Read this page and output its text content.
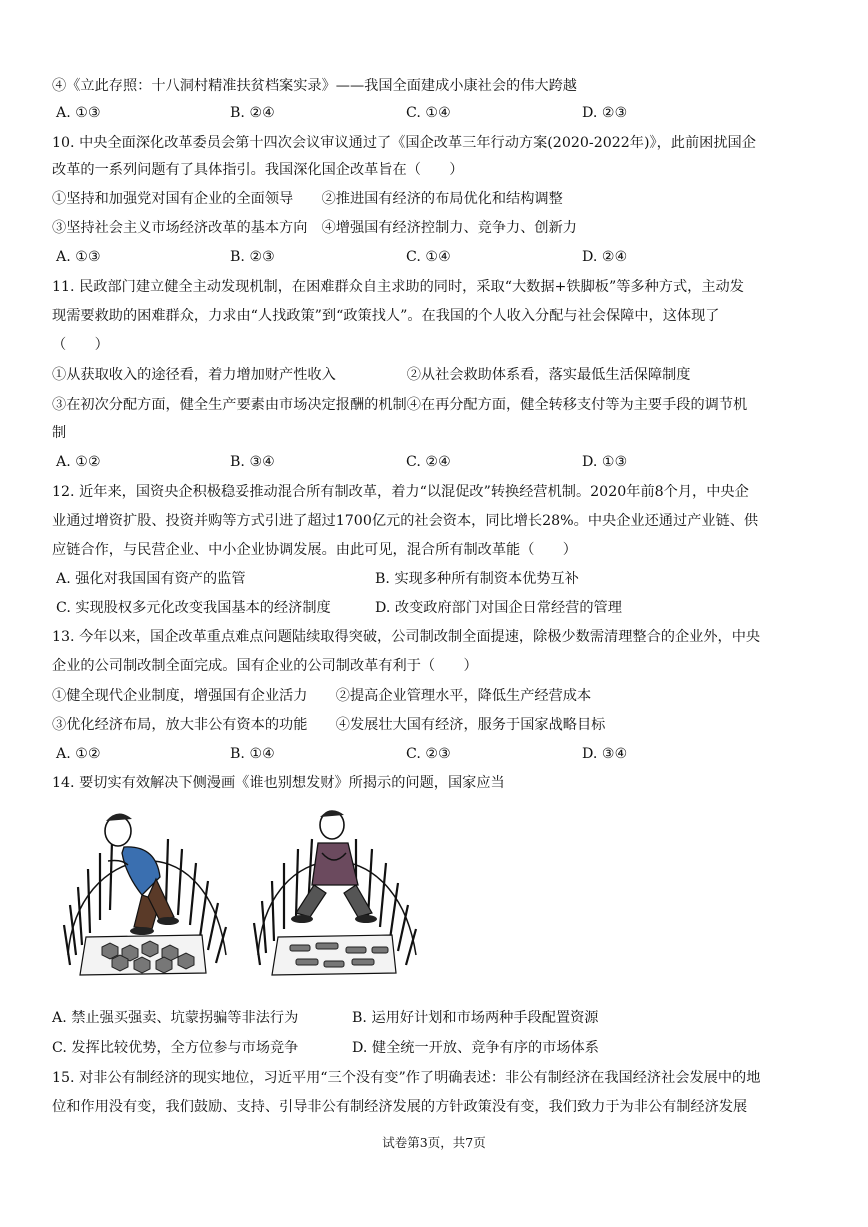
④《立此存照：十八洞村精准扶贫档案实录》——我国全面建成小康社会的伟大跨越
A. ①③	B. ②④	C. ①④	D. ②③
10. 中央全面深化改革委员会第十四次会议审议通过了《国企改革三年行动方案(2020-2022年)》，此前困扰国企
改革的一系列问题有了具体指引。我国深化国企改革旨在（　　）
①坚持和加强党对国有企业的全面领导　　②推进国有经济的布局优化和结构调整
③坚持社会主义市场经济改革的基本方向　④增强国有经济控制力、竞争力、创新力
A. ①③	B. ②③	C. ①④	D. ②④
11. 民政部门建立健全主动发现机制，在困难群众自主求助的同时，采取“大数据+铁脚板”等多种方式，主动发
现需要救助的困难群众，力求由“人找政策”到“政策找人”。在我国的个人收入分配与社会保障中，这体现了
（　　）
①从获取收入的途径看，着力增加财产性收入　　　　　②从社会救助体系看，落实最低生活保障制度
③在初次分配方面，健全生产要素由市场决定报酬的机制④在再分配方面，健全转移支付等为主要手段的调节机
制
A. ①②	B. ③④	C. ②④	D. ①③
12. 近年来，国资央企积极稳妥推动混合所有制改革，着力“以混促改”转换经营机制。2020年前8个月，中央企
业通过增资扩股、投资并购等方式引进了超过1700亿元的社会资本，同比增长28%。中央企业还通过产业链、供
应链合作，与民营企业、中小企业协调发展。由此可见，混合所有制改革能（　　）
A. 强化对我国国有资产的监管	B. 实现多种所有制资本优势互补
C. 实现股权多元化改变我国基本的经济制度	D. 改变政府部门对国企日常经营的管理
13. 今年以来，国企改革重点难点问题陆续取得突破，公司制改制全面提速，除极少数需清理整合的企业外，中央
企业的公司制改制全面完成。国有企业的公司制改革有利于（　　）
①健全现代企业制度，增强国有企业活力　　②提高企业管理水平，降低生产经营成本
③优化经济布局，放大非公有资本的功能　　④发展壮大国有经济，服务于国家战略目标
A. ①②	B. ①④	C. ②③	D. ③④
14. 要切实有效解决下侧漫画《谁也别想发财》所揭示的问题，国家应当
A. 禁止强买强卖、坑蒙拐骗等非法行为	B. 运用好计划和市场两种手段配置资源
C. 发挥比较优势，全方位参与市场竞争	D. 健全统一开放、竞争有序的市场体系
15. 对非公有制经济的现实地位，习近平用“三个没有变”作了明确表述：非公有制经济在我国经济社会发展中的地
位和作用没有变，我们鼓励、支持、引导非公有制经济发展的方针政策没有变，我们致力于为非公有制经济发展
试卷第3页，共7页
